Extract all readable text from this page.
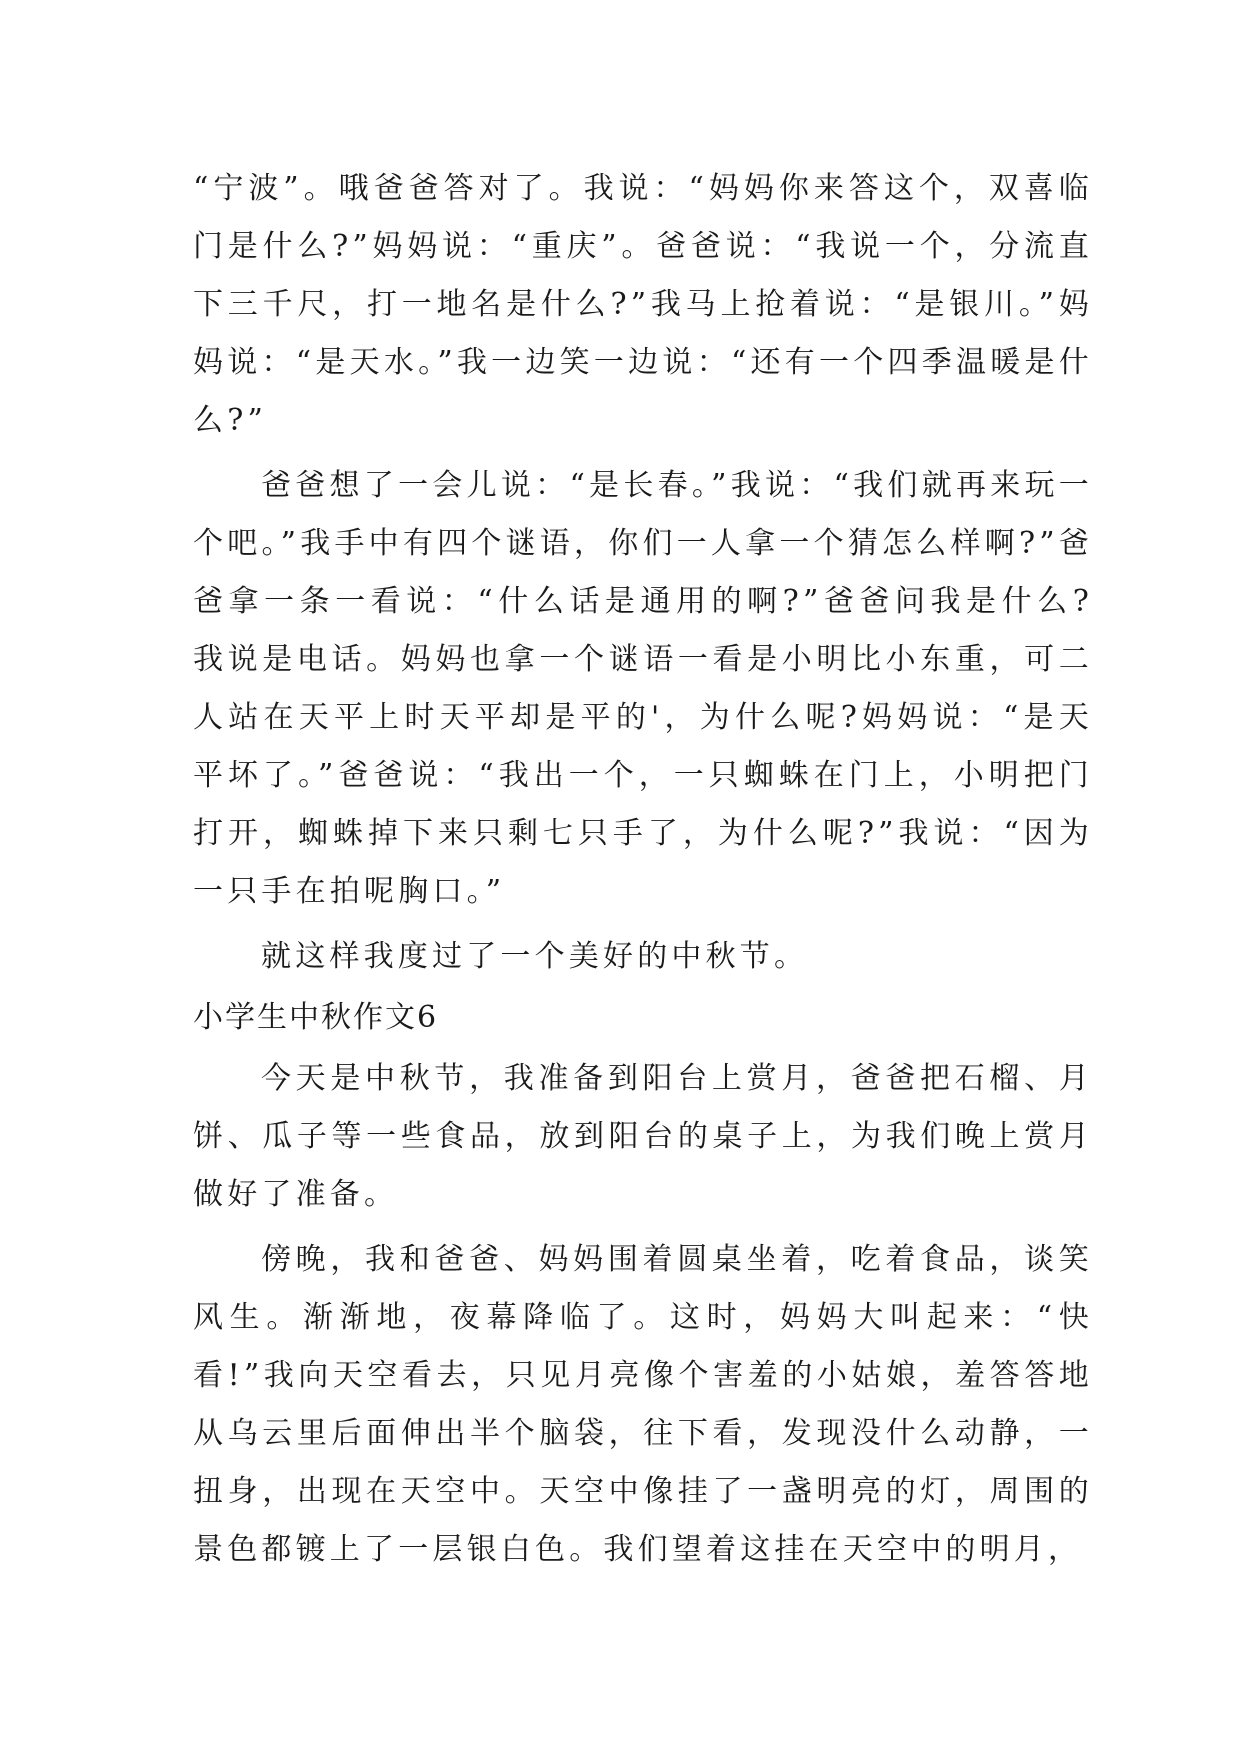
“宁波”。哦爸爸答对了。我说：“妈妈你来答这个，双喜临门是什么?”妈妈说：“重庆”。爸爸说：“我说一个，分流直下三千尺，打一地名是什么?”我马上抢着说：“是银川。”妈妈说：“是天水。”我一边笑一边说：“还有一个四季温暖是什么?”

爸爸想了一会儿说：“是长春。”我说：“我们就再来玩一个吧。”我手中有四个谜语，你们一人拿一个猜怎么样啊?”爸爸拿一条一看说：“什么话是通用的啊?”爸爸问我是什么?我说是电话。妈妈也拿一个谜语一看是小明比小东重，可二人站在天平上时天平却是平的'，为什么呢?妈妈说：“是天平坏了。”爸爸说：“我出一个，一只蜘蛛在门上，小明把门打开，蜘蛛掉下来只剩七只手了，为什么呢?”我说：“因为一只手在拍呢胸口。”

就这样我度过了一个美好的中秋节。

小学生中秋作文6

今天是中秋节，我准备到阳台上赏月，爸爸把石榴、月饼、瓜子等一些食品，放到阳台的桌子上，为我们晚上赏月做好了准备。

傍晚，我和爸爸、妈妈围着圆桌坐着，吃着食品，谈笑风生。渐渐地，夜幕降临了。这时，妈妈大叫起来：“快看!”我向天空看去，只见月亮像个害羞的小姑娘，羞答答地从乌云里后面伸出半个脑袋，往下看，发现没什么动静，一扭身，出现在天空中。天空中像挂了一盏明亮的灯，周围的景色都镀上了一层银白色。我们望着这挂在天空中的明月，
